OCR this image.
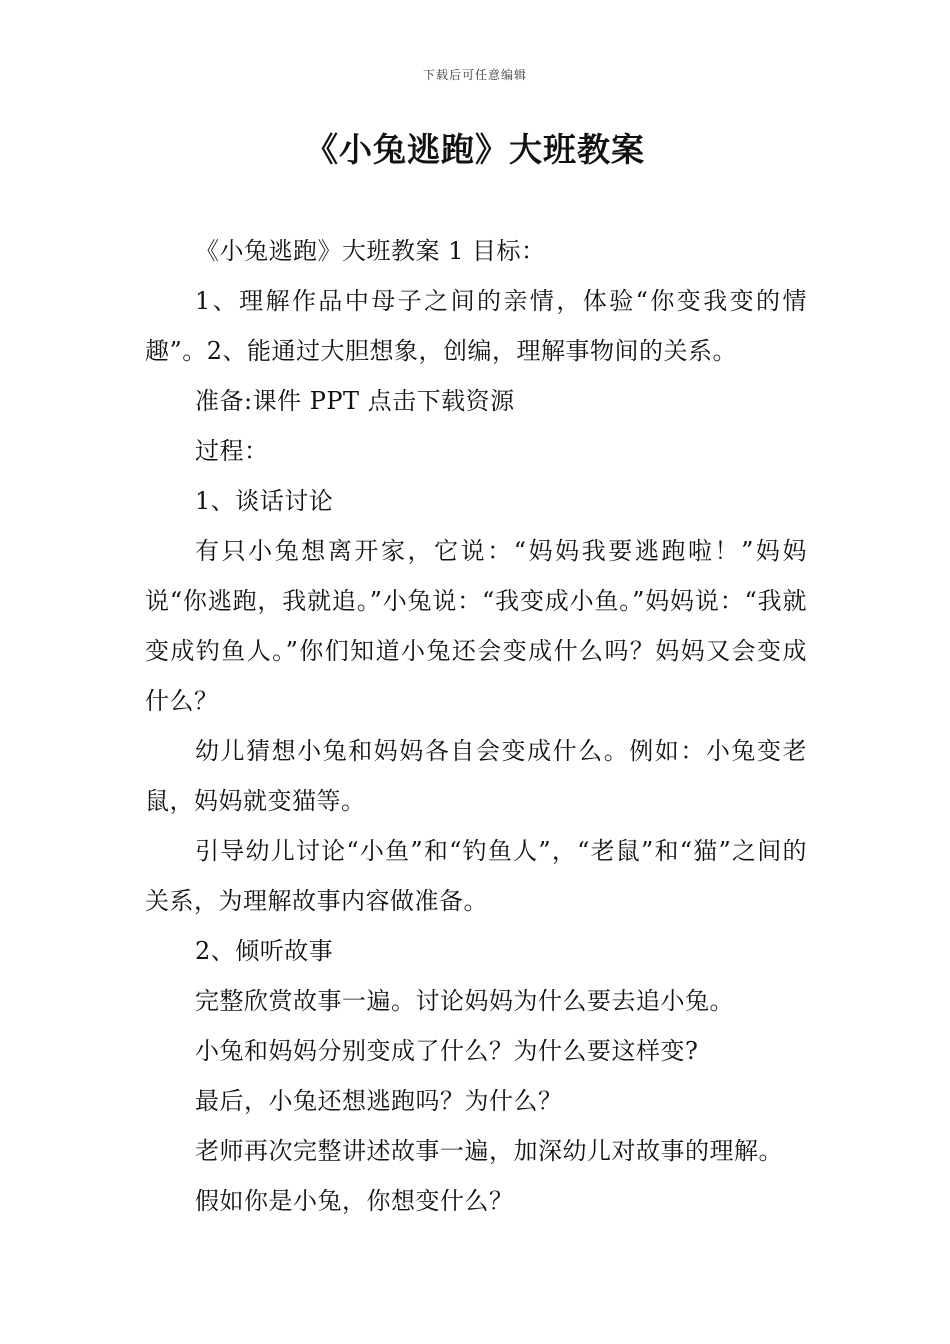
下载后可任意编辑
《小兔逃跑》大班教案

《小兔逃跑》大班教案 1 目标：

1、理解作品中母子之间的亲情，体验“你变我变的情趣”。2、能通过大胆想象，创编，理解事物间的关系。

准备:课件 PPT 点击下载资源

过程：

1、谈话讨论

有只小兔想离开家，它说：“妈妈我要逃跑啦！”妈妈说“你逃跑，我就追。”小兔说：“我变成小鱼。”妈妈说：“我就变成钓鱼人。”你们知道小兔还会变成什么吗？妈妈又会变成什么？

幼儿猜想小兔和妈妈各自会变成什么。例如：小兔变老鼠，妈妈就变猫等。

引导幼儿讨论“小鱼”和“钓鱼人”，“老鼠”和“猫”之间的关系，为理解故事内容做准备。

2、倾听故事

完整欣赏故事一遍。讨论妈妈为什么要去追小兔。

小兔和妈妈分别变成了什么？为什么要这样变?

最后，小兔还想逃跑吗？为什么？

老师再次完整讲述故事一遍，加深幼儿对故事的理解。

假如你是小兔，你想变什么？
